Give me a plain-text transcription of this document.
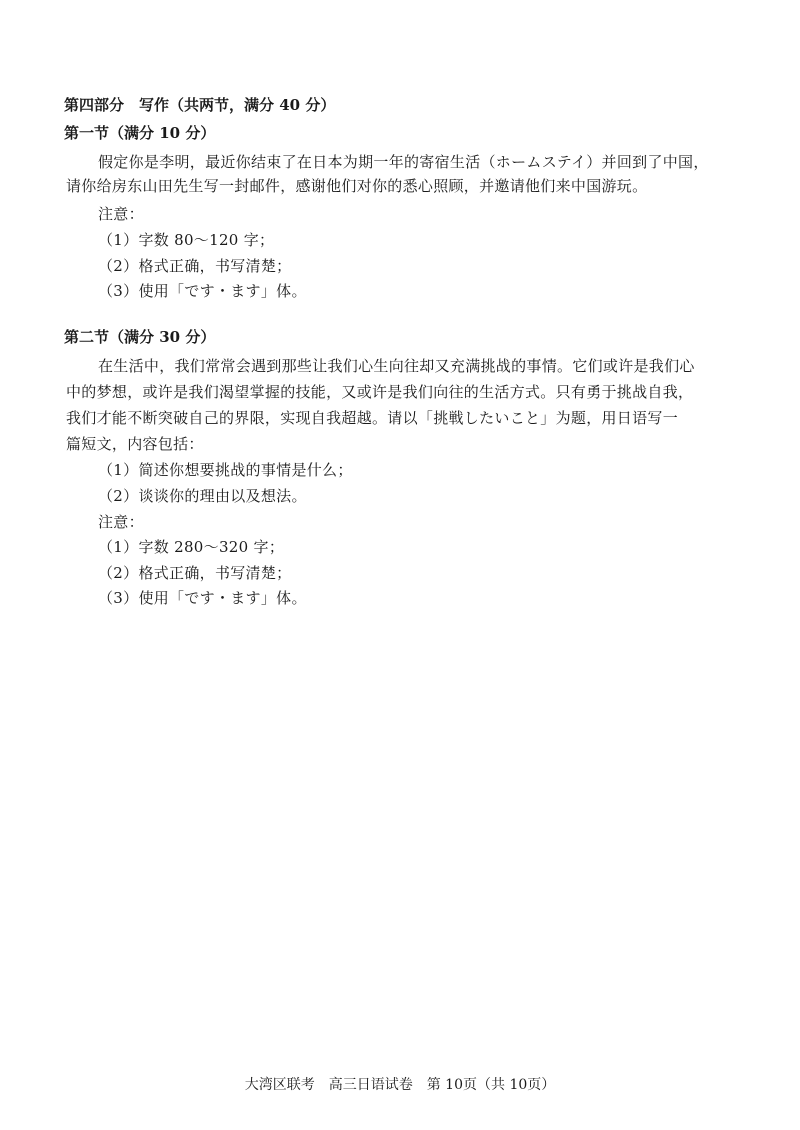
第四部分　写作（共两节，满分 40 分）
第一节（满分 10 分）
假定你是李明，最近你结束了在日本为期一年的寄宿生活（ホームステイ）并回到了中国，
请你给房东山田先生写一封邮件，感谢他们对你的悉心照顾，并邀请他们来中国游玩。
注意：
（1）字数 80～120 字；
（2）格式正确，书写清楚；
（3）使用「です・ます」体。
第二节（满分 30 分）
在生活中，我们常常会遇到那些让我们心生向往却又充满挑战的事情。它们或许是我们心
中的梦想，或许是我们渴望掌握的技能，又或许是我们向往的生活方式。只有勇于挑战自我，
我们才能不断突破自己的界限，实现自我超越。请以「挑戦したいこと」为题，用日语写一
篇短文，内容包括：
（1）简述你想要挑战的事情是什么；
（2）谈谈你的理由以及想法。
注意：
（1）字数 280～320 字；
（2）格式正确，书写清楚；
（3）使用「です・ます」体。
大湾区联考　高三日语试卷　第 10页（共 10页）
